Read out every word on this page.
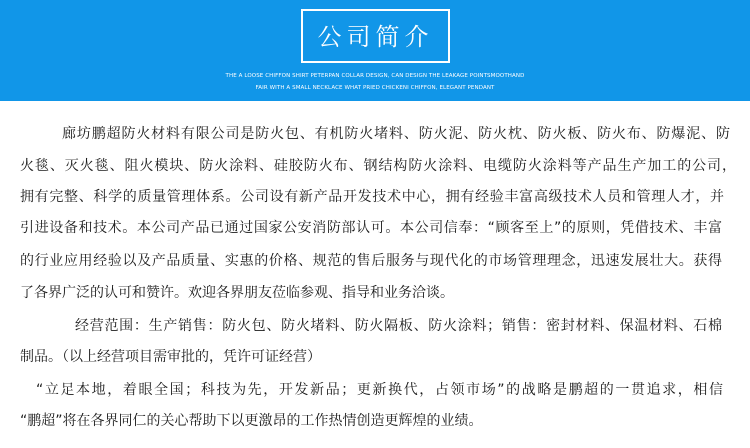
公司简介
THE A LOOSE CHIFFON SHIRT PETERPAN COLLAR DESIGN, CAN DESIGN THE LEAKAGE POINTSMOOTHAND
FAIR WITH A SMALL NECKLACE WHAT PRIED CHICKENI CHIFFON, ELEGANT PENDANT
廊坊鹏超防火材料有限公司是防火包、有机防火堵料、防火泥、防火枕、防火板、防火布、防爆泥、防
火毯、灭火毯、阻火模块、防火涂料、硅胶防火布、钢结构防火涂料、电缆防火涂料等产品生产加工的公司，
拥有完整、科学的质量管理体系。公司设有新产品开发技术中心，拥有经验丰富高级技术人员和管理人才，并
引进设备和技术。本公司产品已通过国家公安消防部认可。本公司信奉：“顾客至上”的原则，凭借技术、丰富
的行业应用经验以及产品质量、实惠的价格、规范的售后服务与现代化的市场管理理念，迅速发展壮大。获得
了各界广泛的认可和赞许。欢迎各界朋友莅临参观、指导和业务洽谈。
经营范围：生产销售：防火包、防火堵料、防火隔板、防火涂料；销售：密封材料、保温材料、石棉
制品。（以上经营项目需审批的，凭许可证经营）
“立足本地，着眼全国；科技为先，开发新品；更新换代，占领市场”的战略是鹏超的一贯追求，相信
“鹏超”将在各界同仁的关心帮助下以更激昂的工作热情创造更辉煌的业绩。
